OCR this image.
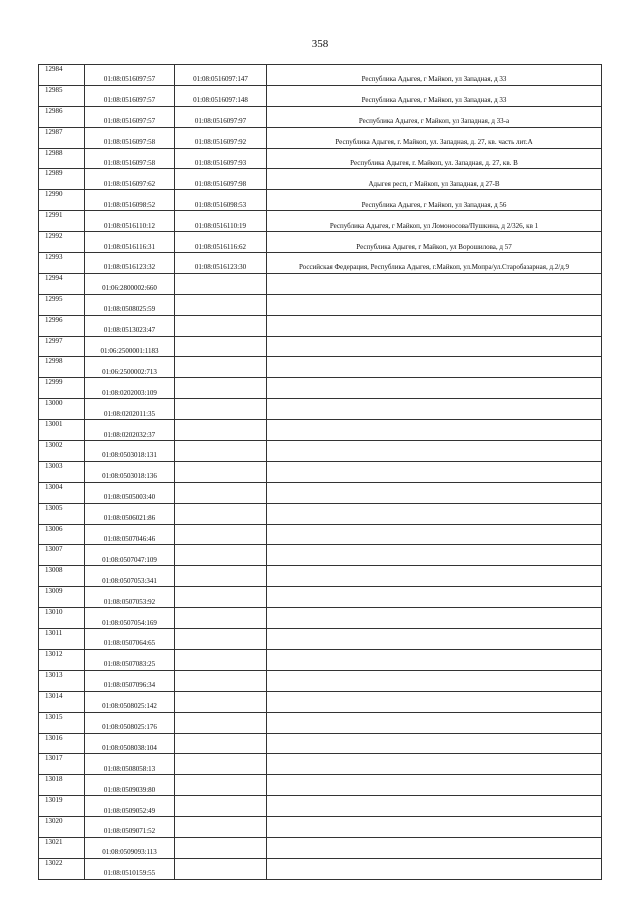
358
12984	01:08:0516097:57	01:08:0516097:147	Республика Адыгея, г Майкоп, ул Западная, д 33
12985	01:08:0516097:57	01:08:0516097:148	Республика Адыгея, г Майкоп, ул Западная, д 33
12986	01:08:0516097:57	01:08:0516097:97	Республика Адыгея, г Майкоп, ул Западная, д 33-а
12987	01:08:0516097:58	01:08:0516097:92	Республика Адыгея, г. Майкоп, ул. Западная, д. 27, кв. часть лит.А
12988	01:08:0516097:58	01:08:0516097:93	Республика Адыгея, г. Майкоп, ул. Западная, д. 27, кв. В
12989	01:08:0516097:62	01:08:0516097:98	Адыгея респ, г Майкоп, ул Западная, д 27-В
12990	01:08:0516098:52	01:08:0516098:53	Республика Адыгея, г Майкоп, ул Западная, д 56
12991	01:08:0516110:12	01:08:0516110:19	Республика Адыгея, г Майкоп, ул Ломоносова/Пушкина, д 2/326, кв 1
12992	01:08:0516116:31	01:08:0516116:62	Республика Адыгея, г Майкоп, ул Ворошилова, д 57
12993	01:08:0516123:32	01:08:0516123:30	Российская Федерация, Республика Адыгея, г.Майкоп, ул.Мопра/ул.Старобазарная, д.2/д.9
12994	01:06:2800002:660		
12995	01:08:0508025:59		
12996	01:08:0513023:47		
12997	01:06:2500001:1183		
12998	01:06:2500002:713		
12999	01:08:0202003:109		
13000	01:08:0202011:35		
13001	01:08:0202032:37		
13002	01:08:0503018:131		
13003	01:08:0503018:136		
13004	01:08:0505003:40		
13005	01:08:0506021:86		
13006	01:08:0507046:46		
13007	01:08:0507047:109		
13008	01:08:0507053:341		
13009	01:08:0507053:92		
13010	01:08:0507054:169		
13011	01:08:0507064:65		
13012	01:08:0507083:25		
13013	01:08:0507096:34		
13014	01:08:0508025:142		
13015	01:08:0508025:176		
13016	01:08:0508038:104		
13017	01:08:0508058:13		
13018	01:08:0509039:80		
13019	01:08:0509052:49		
13020	01:08:0509071:52		
13021	01:08:0509093:113		
13022	01:08:0510159:55		
